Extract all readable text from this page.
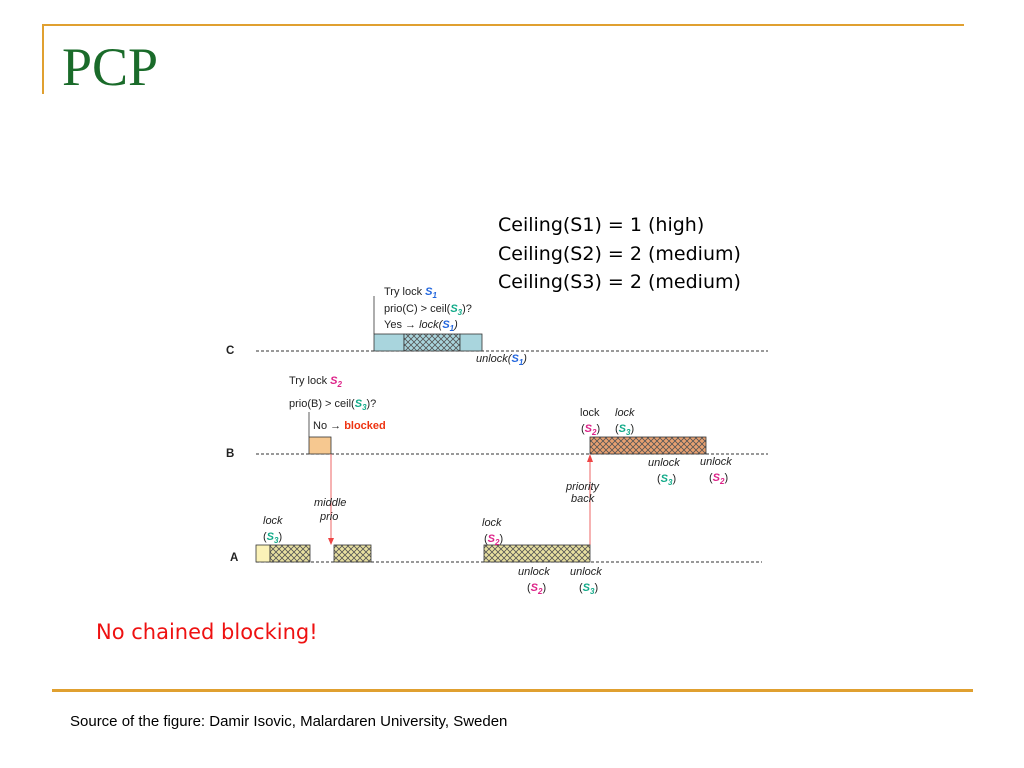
PCP
C
B
A
Try lock $S_1$
prio(C) > $ceil(S_3)$?
Yes → $lock(S_1)$
$unlock(S_1)$
Try lock $S_2$
prio(B) > $ceil(S_3)$?
No → blocked
lock
$(S_2)$
lock
$(S_3)$
unlock
$(S_3)$
unlock
$(S_2)$
middle
prio
priority
back
lock
$(S_3)$
lock
$(S_2)$
unlock
$(S_2)$
unlock
$(S_3)$
Ceiling(S1) = 1 (high)
Ceiling(S2) = 2 (medium)
Ceiling(S3) = 2 (medium)
No chained blocking!
Source of the figure: Damir Isovic, Malardaren University, Sweden
